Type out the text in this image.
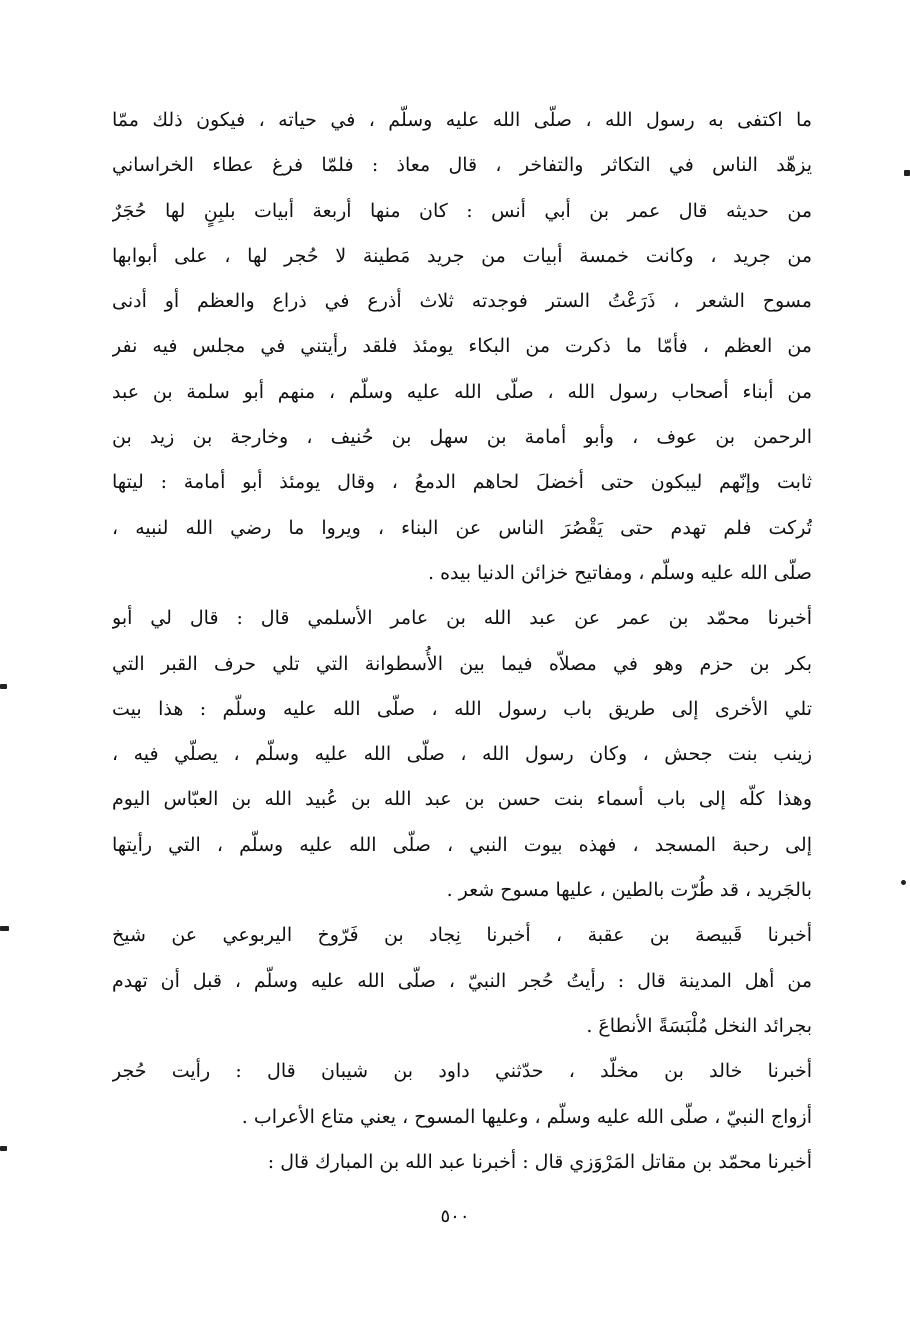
ما اكتفى به رسول الله ، صلّى الله عليه وسلّم ، في حياته ، فيكون ذلك ممّا
يزهّد الناس في التكاثر والتفاخر ، قال معاذ : فلمّا فرغ عطاء الخراساني
من حديثه قال عمر بن أبي أنس : كان منها أربعة أبيات بلبِنٍ لها حُجَرٌ
من جريد ، وكانت خمسة أبيات من جريد مَطينة لا حُجر لها ، على أبوابها
مسوح الشعر ، ذَرَعْتُ الستر فوجدته ثلاث أذرع في ذراع والعظم أو أدنى
من العظم ، فأمّا ما ذكرت من البكاء يومئذ فلقد رأيتني في مجلس فيه نفر
من أبناء أصحاب رسول الله ، صلّى الله عليه وسلّم ، منهم أبو سلمة بن عبد
الرحمن بن عوف ، وأبو أمامة بن سهل بن حُنيف ، وخارجة بن زيد بن
ثابت وإنّهم ليبكون حتى أخضلَ لحاهم الدمعُ ، وقال يومئذ أبو أمامة : ليتها
تُركت فلم تهدم حتى يَقْصُرَ الناس عن البناء ، ويروا ما رضي الله لنبيه ،
صلّى الله عليه وسلّم ، ومفاتيح خزائن الدنيا بيده .
أخبرنا محمّد بن عمر عن عبد الله بن عامر الأسلمي قال : قال لي أبو
بكر بن حزم وهو في مصلاّه فيما بين الأُسطوانة التي تلي حرف القبر التي
تلي الأخرى إلى طريق باب رسول الله ، صلّى الله عليه وسلّم : هذا بيت
زينب بنت جحش ، وكان رسول الله ، صلّى الله عليه وسلّم ، يصلّي فيه ،
وهذا كلّه إلى باب أسماء بنت حسن بن عبد الله بن عُبيد الله بن العبّاس اليوم
إلى رحبة المسجد ، فهذه بيوت النبي ، صلّى الله عليه وسلّم ، التي رأيتها
بالجَريد ، قد طُرّت بالطين ، عليها مسوح شعر .
أخبرنا قَبيصة بن عقبة ، أخبرنا نِجاد بن فَرّوخ اليربوعي عن شيخ
من أهل المدينة قال : رأيتُ حُجر النبيّ ، صلّى الله عليه وسلّم ، قبل أن تهدم
بجرائد النخل مُلْبَسَةً الأنطاعَ .
أخبرنا خالد بن مخلّد ، حدّثني داود بن شيبان قال : رأيت حُجر
أزواج النبيّ ، صلّى الله عليه وسلّم ، وعليها المسوح ، يعني متاع الأعراب .
أخبرنا محمّد بن مقاتل المَرْوَزي قال : أخبرنا عبد الله بن المبارك قال :
٥٠٠
